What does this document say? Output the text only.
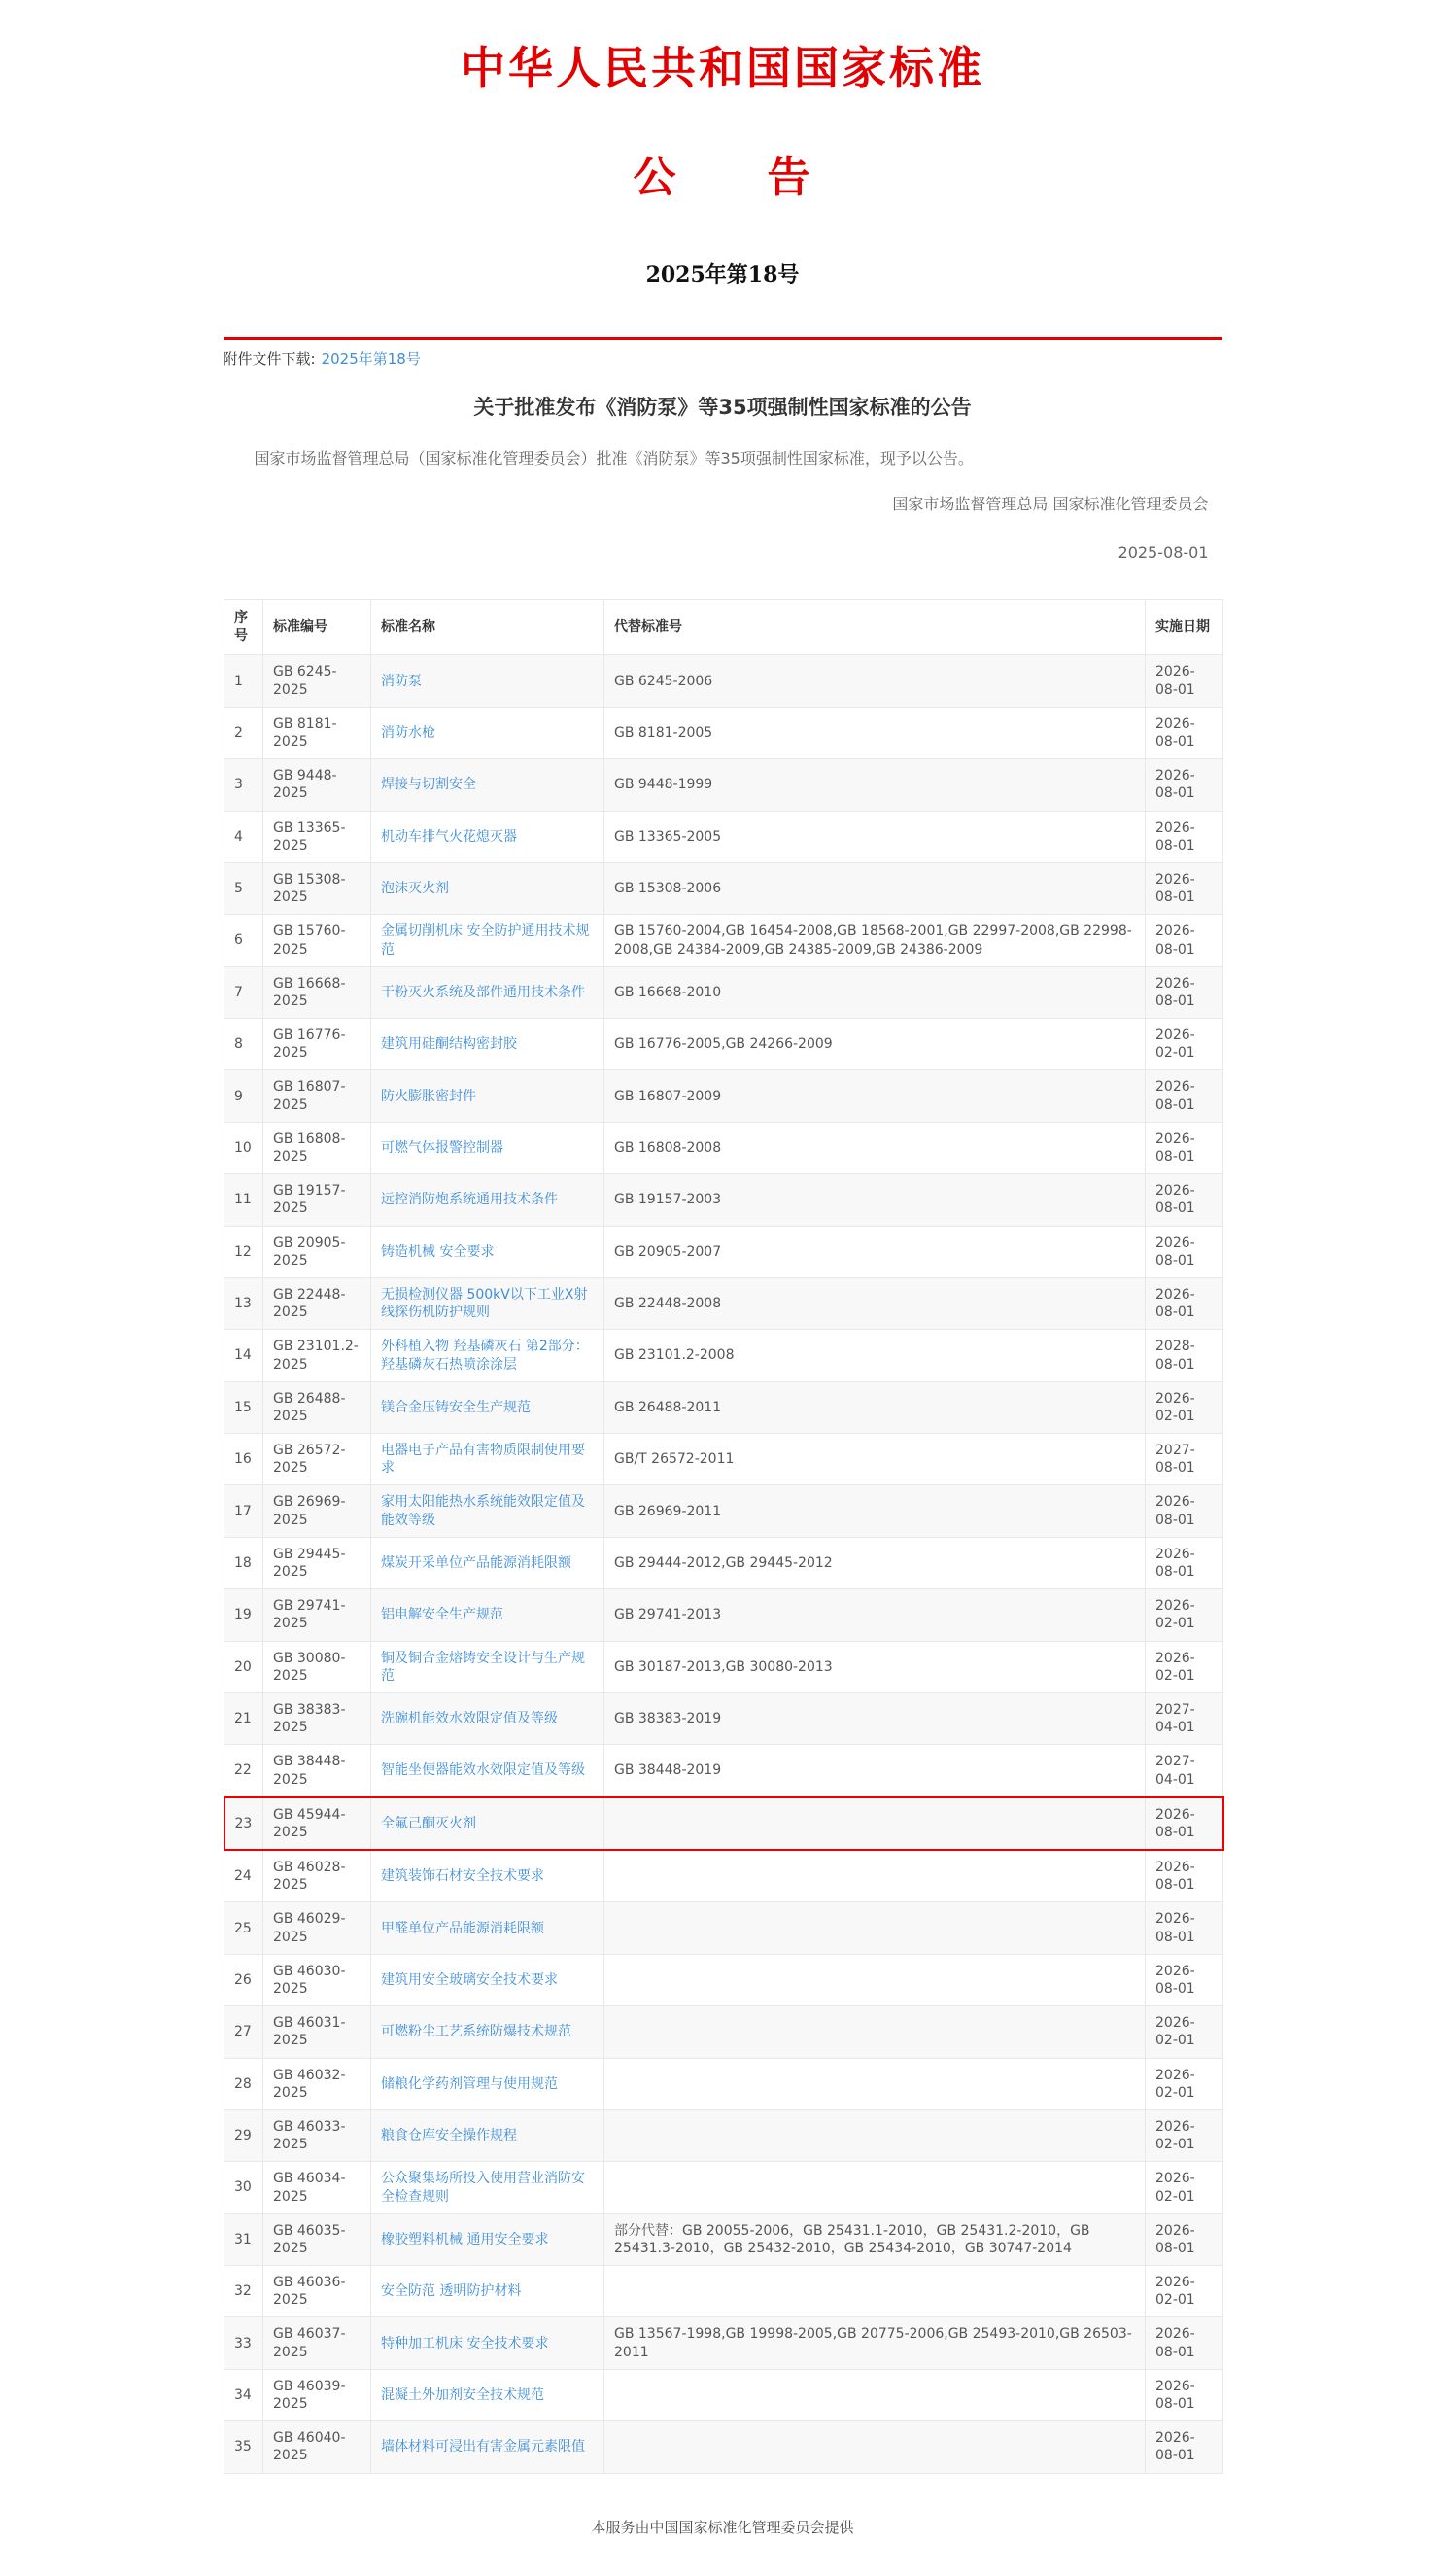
中华人民共和国国家标准
公　　告
2025年第18号
附件文件下载: 2025年第18号
关于批准发布《消防泵》等35项强制性国家标准的公告

国家市场监督管理总局（国家标准化管理委员会）批准《消防泵》等35项强制性国家标准，现予以公告。

国家市场监督管理总局 国家标准化管理委员会
2025-08-01
序号	标准编号	标准名称	代替标准号	实施日期
1	GB 6245-2025	消防泵	GB 6245-2006	2026-08-01
2	GB 8181-2025	消防水枪	GB 8181-2005	2026-08-01
3	GB 9448-2025	焊接与切割安全	GB 9448-1999	2026-08-01
4	GB 13365-2025	机动车排气火花熄灭器	GB 13365-2005	2026-08-01
5	GB 15308-2025	泡沫灭火剂	GB 15308-2006	2026-08-01
6	GB 15760-2025	金属切削机床 安全防护通用技术规范	GB 15760-2004,GB 16454-2008,GB 18568-2001,GB 22997-2008,GB 22998-2008,GB 24384-2009,GB 24385-2009,GB 24386-2009	2026-08-01
7	GB 16668-2025	干粉灭火系统及部件通用技术条件	GB 16668-2010	2026-08-01
8	GB 16776-2025	建筑用硅酮结构密封胶	GB 16776-2005,GB 24266-2009	2026-02-01
9	GB 16807-2025	防火膨胀密封件	GB 16807-2009	2026-08-01
10	GB 16808-2025	可燃气体报警控制器	GB 16808-2008	2026-08-01
11	GB 19157-2025	远控消防炮系统通用技术条件	GB 19157-2003	2026-08-01
12	GB 20905-2025	铸造机械 安全要求	GB 20905-2007	2026-08-01
13	GB 22448-2025	无损检测仪器 500kV以下工业X射线探伤机防护规则	GB 22448-2008	2026-08-01
14	GB 23101.2-2025	外科植入物 羟基磷灰石 第2部分：羟基磷灰石热喷涂涂层	GB 23101.2-2008	2028-08-01
15	GB 26488-2025	镁合金压铸安全生产规范	GB 26488-2011	2026-02-01
16	GB 26572-2025	电器电子产品有害物质限制使用要求	GB/T 26572-2011	2027-08-01
17	GB 26969-2025	家用太阳能热水系统能效限定值及能效等级	GB 26969-2011	2026-08-01
18	GB 29445-2025	煤炭开采单位产品能源消耗限额	GB 29444-2012,GB 29445-2012	2026-08-01
19	GB 29741-2025	铝电解安全生产规范	GB 29741-2013	2026-02-01
20	GB 30080-2025	铜及铜合金熔铸安全设计与生产规范	GB 30187-2013,GB 30080-2013	2026-02-01
21	GB 38383-2025	洗碗机能效水效限定值及等级	GB 38383-2019	2027-04-01
22	GB 38448-2025	智能坐便器能效水效限定值及等级	GB 38448-2019	2027-04-01
23	GB 45944-2025	全氟己酮灭火剂		2026-08-01
24	GB 46028-2025	建筑装饰石材安全技术要求		2026-08-01
25	GB 46029-2025	甲醛单位产品能源消耗限额		2026-08-01
26	GB 46030-2025	建筑用安全玻璃安全技术要求		2026-08-01
27	GB 46031-2025	可燃粉尘工艺系统防爆技术规范		2026-02-01
28	GB 46032-2025	储粮化学药剂管理与使用规范		2026-02-01
29	GB 46033-2025	粮食仓库安全操作规程		2026-02-01
30	GB 46034-2025	公众聚集场所投入使用营业消防安全检查规则		2026-02-01
31	GB 46035-2025	橡胶塑料机械 通用安全要求	部分代替：GB 20055-2006，GB 25431.1-2010，GB 25431.2-2010，GB 25431.3-2010，GB 25432-2010，GB 25434-2010，GB 30747-2014	2026-08-01
32	GB 46036-2025	安全防范 透明防护材料		2026-02-01
33	GB 46037-2025	特种加工机床 安全技术要求	GB 13567-1998,GB 19998-2005,GB 20775-2006,GB 25493-2010,GB 26503-2011	2026-08-01
34	GB 46039-2025	混凝土外加剂安全技术规范		2026-08-01
35	GB 46040-2025	墙体材料可浸出有害金属元素限值		2026-08-01
本服务由中国国家标准化管理委员会提供
